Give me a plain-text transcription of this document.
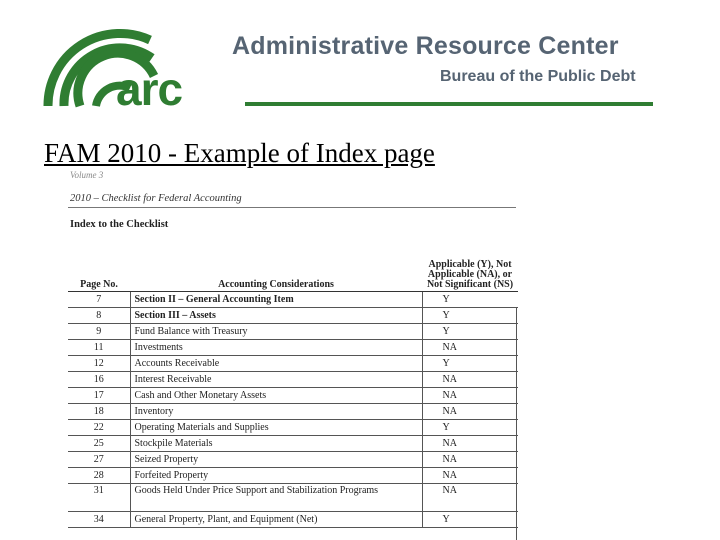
arc
Administrative Resource Center
Bureau of the Public Debt
FAM 2010 - Example of Index page
Volume 3
2010 – Checklist for Federal Accounting
Index to the Checklist
Page No.	Accounting Considerations	Applicable (Y), Not Applicable (NA), or Not Significant (NS)
7	Section II – General Accounting Item	Y
8	Section III – Assets	Y
9	Fund Balance with Treasury	Y
11	Investments	NA
12	Accounts Receivable	Y
16	Interest Receivable	NA
17	Cash and Other Monetary Assets	NA
18	Inventory	NA
22	Operating Materials and Supplies	Y
25	Stockpile Materials	NA
27	Seized Property	NA
28	Forfeited Property	NA
31	Goods Held Under Price Support and Stabilization Programs	NA
34	General Property, Plant, and Equipment (Net)	Y
